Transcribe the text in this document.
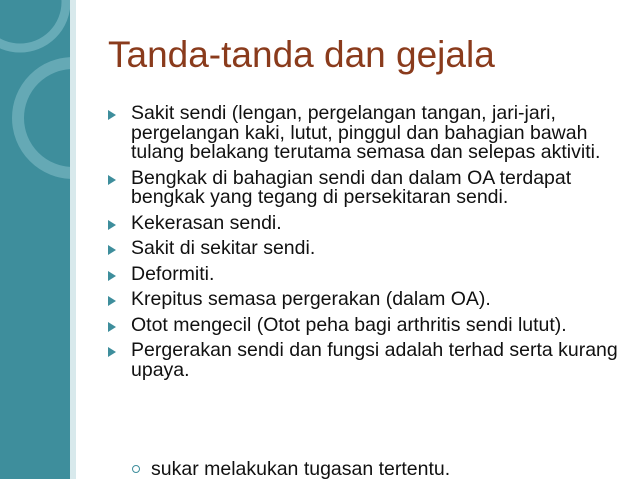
Tanda-tanda dan gejala
Sakit sendi (lengan, pergelangan tangan, jari-jari, pergelangan kaki, lutut, pinggul dan bahagian bawah tulang belakang terutama semasa dan selepas aktiviti.
Bengkak di bahagian sendi dan dalam OA terdapat bengkak yang tegang di persekitaran sendi.
Kekerasan sendi.
Sakit di sekitar sendi.
Deformiti.
Krepitus semasa pergerakan (dalam OA).
Otot mengecil (Otot peha bagi arthritis sendi lutut).
Pergerakan sendi dan fungsi adalah terhad serta kurang upaya.
sukar melakukan tugasan tertentu.
